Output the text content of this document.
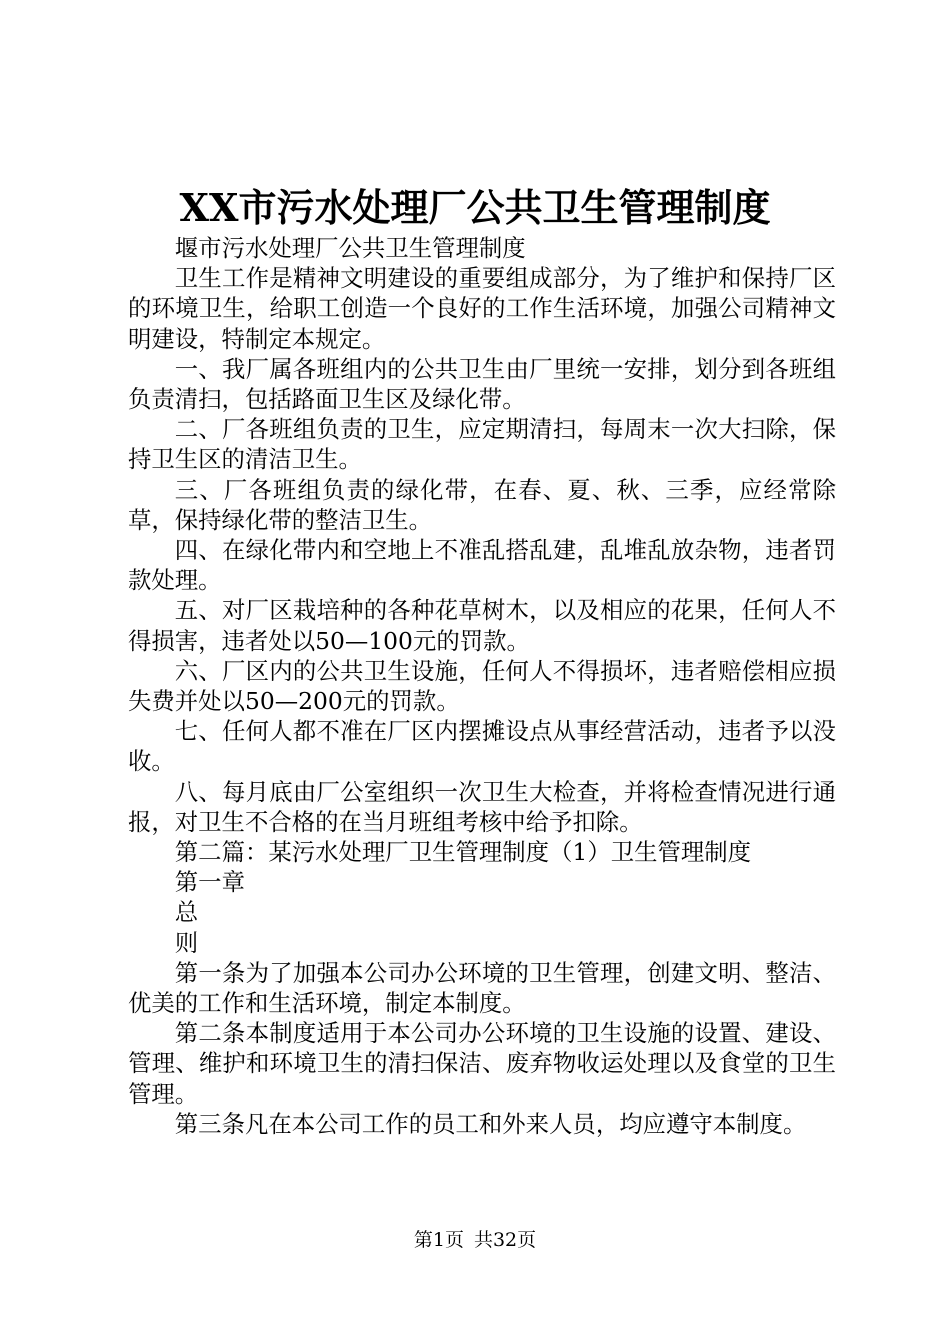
XX市污水处理厂公共卫生管理制度

堰市污水处理厂公共卫生管理制度

卫生工作是精神文明建设的重要组成部分，为了维护和保持厂区的环境卫生，给职工创造一个良好的工作生活环境，加强公司精神文明建设，特制定本规定。

一、我厂属各班组内的公共卫生由厂里统一安排，划分到各班组负责清扫，包括路面卫生区及绿化带。

二、厂各班组负责的卫生，应定期清扫，每周末一次大扫除，保持卫生区的清洁卫生。

三、厂各班组负责的绿化带，在春、夏、秋、三季，应经常除草，保持绿化带的整洁卫生。

四、在绿化带内和空地上不准乱搭乱建，乱堆乱放杂物，违者罚款处理。

五、对厂区栽培种的各种花草树木，以及相应的花果，任何人不得损害，违者处以50—100元的罚款。

六、厂区内的公共卫生设施，任何人不得损坏，违者赔偿相应损失费并处以50—200元的罚款。

七、任何人都不准在厂区内摆摊设点从事经营活动，违者予以没收。

八、每月底由厂公室组织一次卫生大检查，并将检查情况进行通报，对卫生不合格的在当月班组考核中给予扣除。

第二篇：某污水处理厂卫生管理制度（1）卫生管理制度

第一章

总

则

第一条为了加强本公司办公环境的卫生管理，创建文明、整洁、优美的工作和生活环境，制定本制度。

第二条本制度适用于本公司办公环境的卫生设施的设置、建设、管理、维护和环境卫生的清扫保洁、废弃物收运处理以及食堂的卫生管理。

第三条凡在本公司工作的员工和外来人员，均应遵守本制度。

第1页 共32页
